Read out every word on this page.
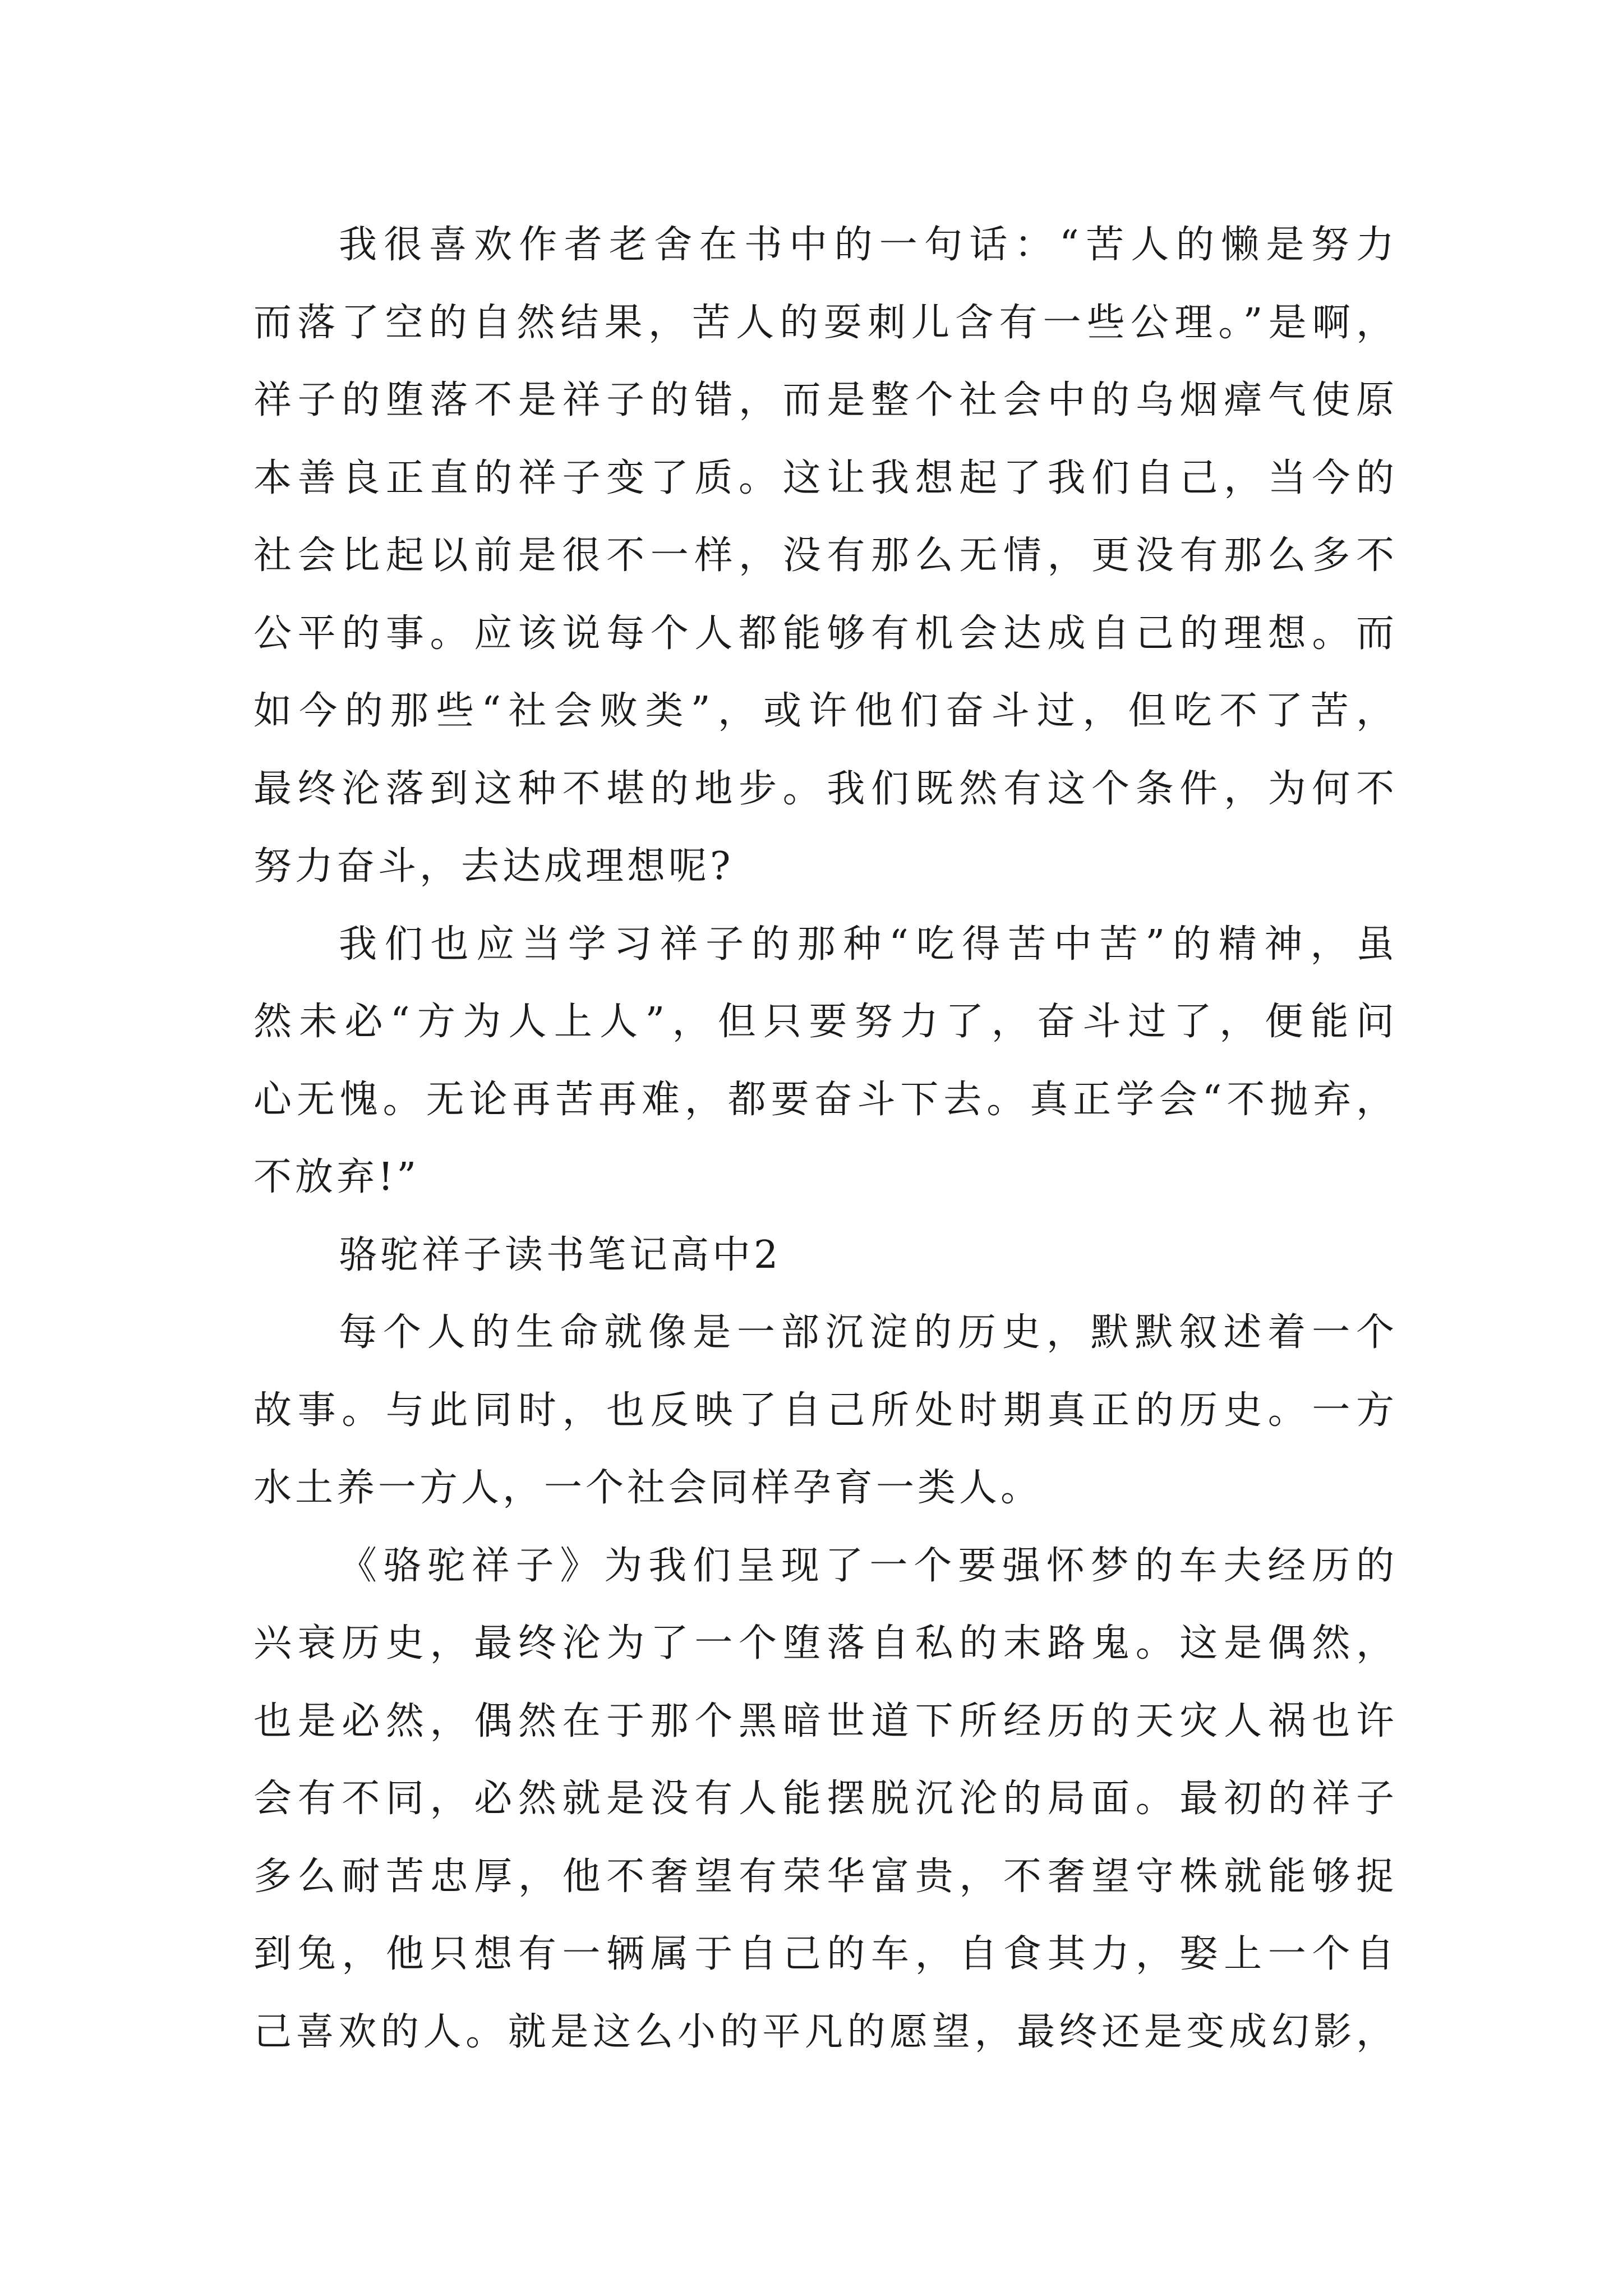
我很喜欢作者老舍在书中的一句话：“苦人的懒是努力
而落了空的自然结果，苦人的耍刺儿含有一些公理。”是啊，
祥子的堕落不是祥子的错，而是整个社会中的乌烟瘴气使原
本善良正直的祥子变了质。这让我想起了我们自己，当今的
社会比起以前是很不一样，没有那么无情，更没有那么多不
公平的事。应该说每个人都能够有机会达成自己的理想。而
如今的那些“社会败类”，或许他们奋斗过，但吃不了苦，
最终沦落到这种不堪的地步。我们既然有这个条件，为何不
努力奋斗，去达成理想呢?
我们也应当学习祥子的那种“吃得苦中苦”的精神，虽
然未必“方为人上人”，但只要努力了，奋斗过了，便能问
心无愧。无论再苦再难，都要奋斗下去。真正学会“不抛弃，
不放弃!”
骆驼祥子读书笔记高中2
每个人的生命就像是一部沉淀的历史，默默叙述着一个
故事。与此同时，也反映了自己所处时期真正的历史。一方
水土养一方人，一个社会同样孕育一类人。
《骆驼祥子》为我们呈现了一个要强怀梦的车夫经历的
兴衰历史，最终沦为了一个堕落自私的末路鬼。这是偶然，
也是必然，偶然在于那个黑暗世道下所经历的天灾人祸也许
会有不同，必然就是没有人能摆脱沉沦的局面。最初的祥子
多么耐苦忠厚，他不奢望有荣华富贵，不奢望守株就能够捉
到兔，他只想有一辆属于自己的车，自食其力，娶上一个自
己喜欢的人。就是这么小的平凡的愿望，最终还是变成幻影，
